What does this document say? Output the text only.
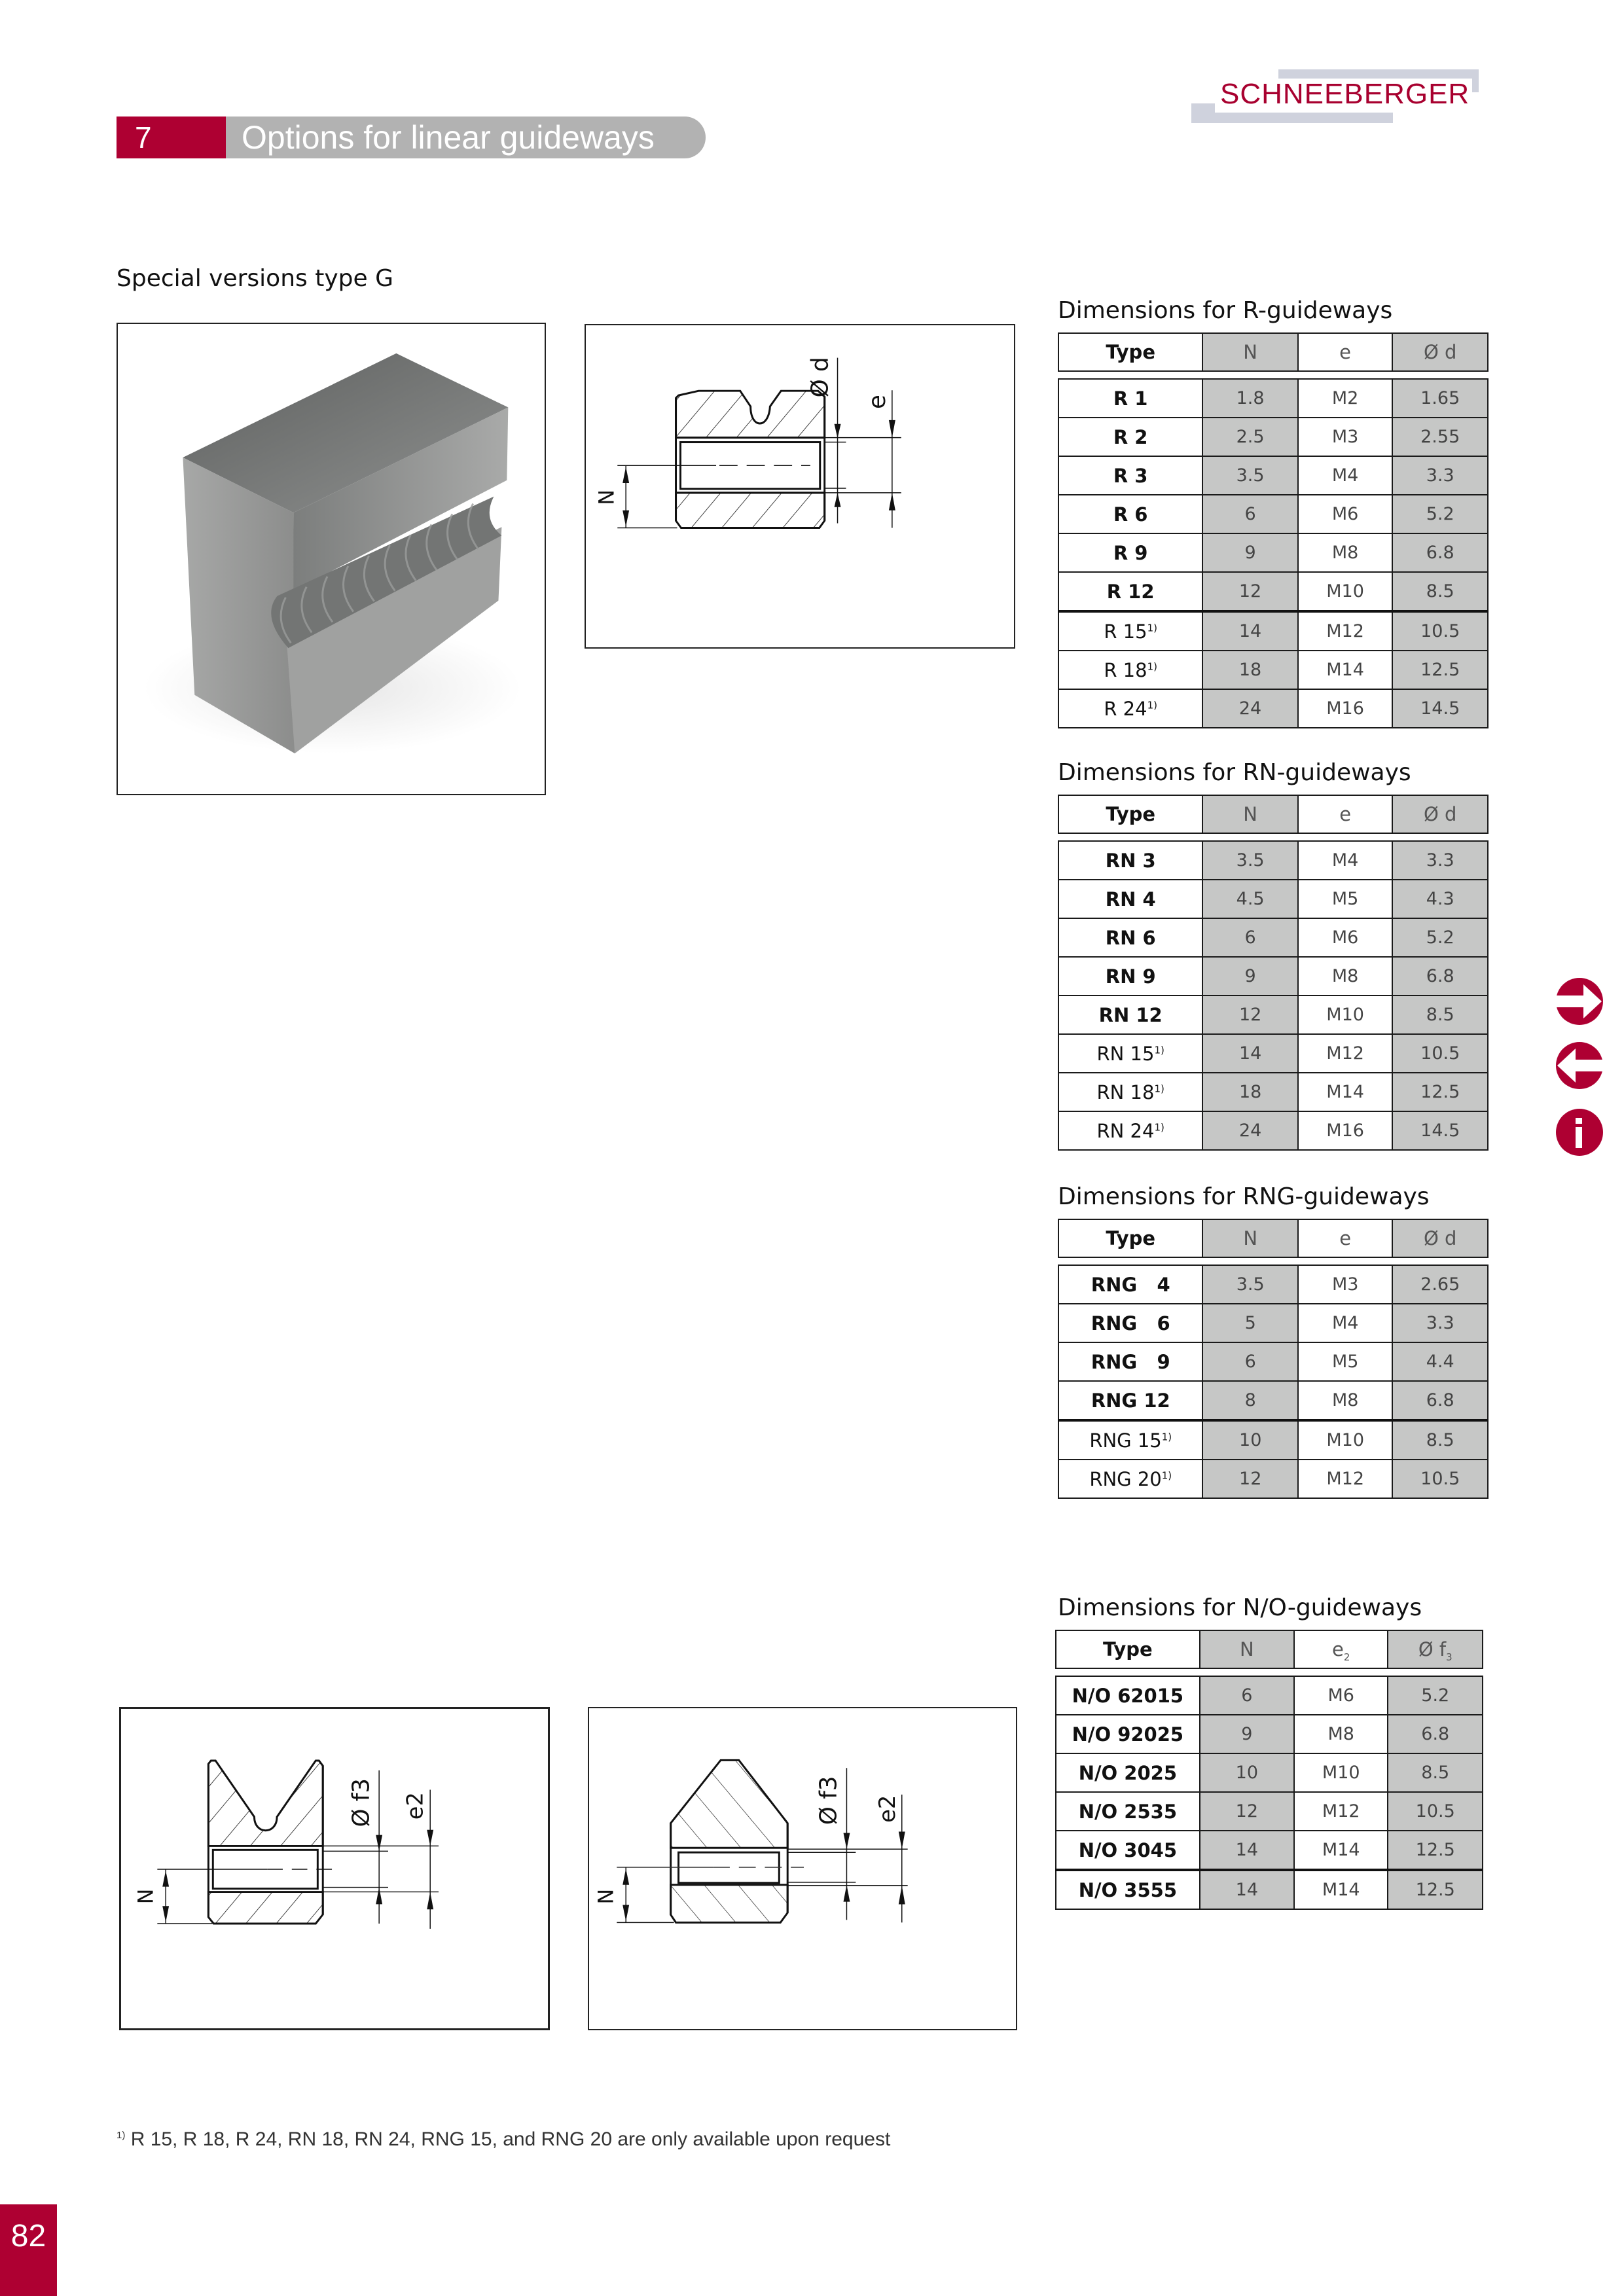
SCHNEEBERGER
7	Options for linear guideways
Special versions type G
N
Ø d
e
N
Ø f3 e2
N
Ø f3 e2
Dimensions for R-guideways
Type	N	e	Ø d

R 1	1.8	M2	1.65
R 2	2.5	M3	2.55
R 3	3.5	M4	3.3
R 6	6	M6	5.2
R 9	9	M8	6.8
R 12	12	M10	8.5
R 15$^{1)}$	14	M12	10.5
R 18$^{1)}$	18	M14	12.5
R 24$^{1)}$	24	M16	14.5
Dimensions for RN-guideways
Type	N	e	Ø d

RN 3	3.5	M4	3.3
RN 4	4.5	M5	4.3
RN 6	6	M6	5.2
RN 9	9	M8	6.8
RN 12	12	M10	8.5
RN 15$^{1)}$	14	M12	10.5
RN 18$^{1)}$	18	M14	12.5
RN 24$^{1)}$	24	M16	14.5
Dimensions for RNG-guideways
Type	N	e	Ø d

RNG   4	3.5	M3	2.65
RNG   6	5	M4	3.3
RNG   9	6	M5	4.4
RNG 12	8	M8	6.8
RNG 15$^{1)}$	10	M10	8.5
RNG 20$^{1)}$	12	M12	10.5
Dimensions for N/O-guideways
Type	N	$e_2$	Ø $f_3$

N/O 62015	6	M6	5.2
N/O 92025	9	M8	6.8
N/O 2025	10	M10	8.5
N/O 2535	12	M12	10.5
N/O 3045	14	M14	12.5
N/O 3555	14	M14	12.5
$^{1)}$ R 15, R 18, R 24, RN 18, RN 24, RNG 15, and RNG 20 are only available upon request
82
